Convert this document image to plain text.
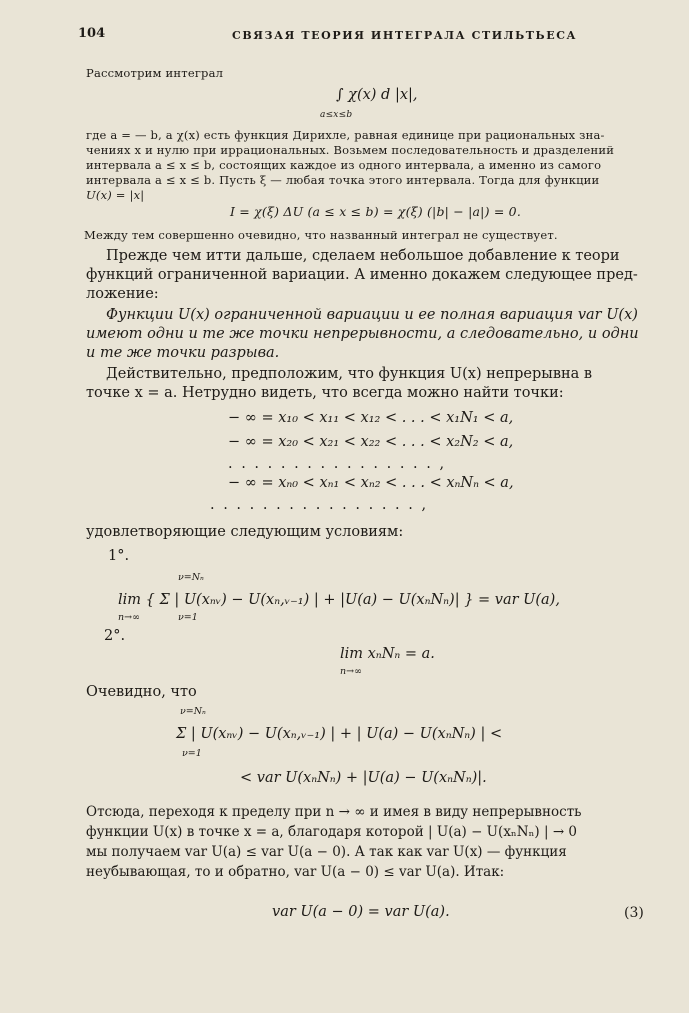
104	СВЯЗАЯ ТЕОРИЯ ИНТЕГРАЛА СТИЛЬТЬЕСА
Рассмотрим интеграл
∫ χ(x) d |x|,
a≤x≤b
где a = — b, а χ(x) есть функция Дирихле, равная единице при рациональных зна-
чениях x и нулю при иррациональных. Возьмем последовательность и дразделений
интервала a ≤ x ≤ b, состоящих каждое из одного интервала, а именно из самого
интервала a ≤ x ≤ b. Пусть ξ — любая точка этого интервала. Тогда для функции
U(x) = |x|
I = χ(ξ) ΔU (a ≤ x ≤ b) = χ(ξ) (|b| − |a|) = 0.
Между тем совершенно очевидно, что названный интеграл не существует.
Прежде чем итти дальше, сделаем небольшое добавление к теори
функций ограниченной вариации. А именно докажем следующее пред-
ложение:
Функции U(x) ограниченной вариации и ее полная вариация var U(x)
имеют одни и те же точки непрерывности, а следовательно, и одни
и те же точки разрыва.
Действительно, предположим, что функция U(x) непрерывна в
точке x = a. Нетрудно видеть, что всегда можно найти точки:
− ∞ = x₁₀ < x₁₁ < x₁₂ < . . . < x₁N₁ < a,
− ∞ = x₂₀ < x₂₁ < x₂₂ < . . . < x₂N₂ < a,
. . . . . . . . . . . . . . . . ,
− ∞ = xₙ₀ < xₙ₁ < xₙ₂ < . . . < xₙNₙ < a,
. . . . . . . . . . . . . . . . ,
удовлетворяющие следующим условиям:
1°.
ν=Nₙ
lim { Σ | U(xₙᵥ) − U(xₙ,ᵥ₋₁) | + |U(a) − U(xₙNₙ)| } = var U(a),
n→∞	ν=1
2°.
lim xₙNₙ = a.
n→∞
Очевидно, что
ν=Nₙ
Σ | U(xₙᵥ) − U(xₙ,ᵥ₋₁) | + | U(a) − U(xₙNₙ) | <
ν=1
< var U(xₙNₙ) + |U(a) − U(xₙNₙ)|.
Отсюда, переходя к пределу при n → ∞ и имея в виду непрерывность
функции U(x) в точке x = a, благодаря которой | U(a) − U(xₙNₙ) | → 0
мы получаем var U(a) ≤ var U(a − 0). А так как var U(x) — функция
неубывающая, то и обратно, var U(a − 0) ≤ var U(a). Итак:
var U(a − 0) = var U(a).	(3)
